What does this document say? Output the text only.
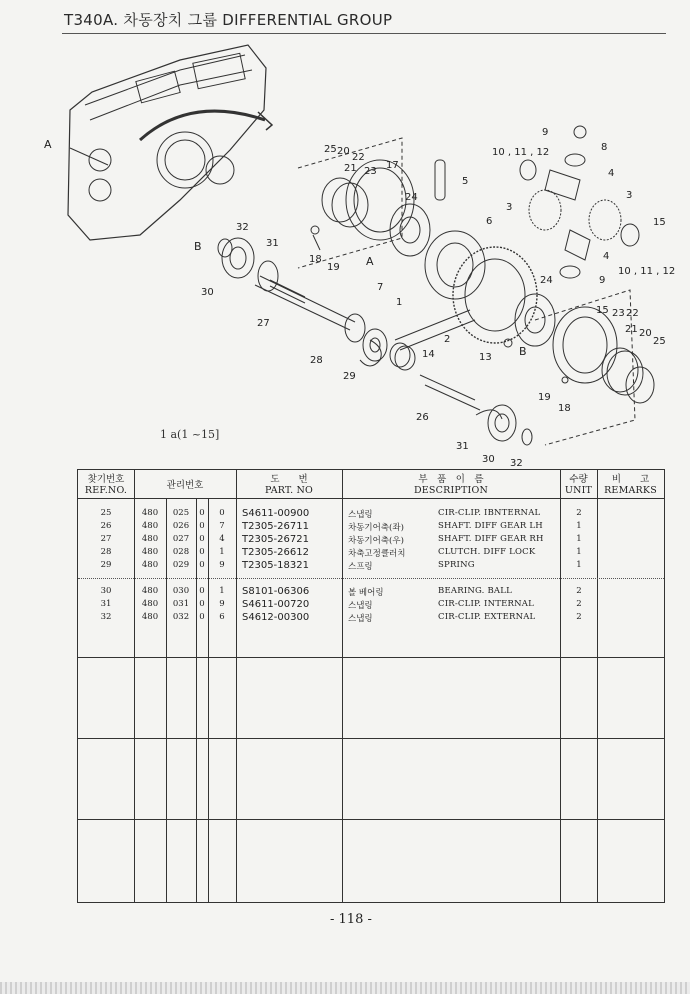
T340A. 차동장치 그룹 DIFFERENTIAL GROUP
1
2
3
3
4
4
5
6
7
8
9
9
10 , 11 , 12
10 , 11 , 12
13
14
15
15
17
18
18
19
19
20
20
21
21
22
22
23
23
24
24
25
25
26
27
28
29
30
30
31
31
32
32
A
A
B
B
1 a(1 ~15]
찾기번호
REF.NO.	관리번호
도　　번
PART. NO
부　품　이　름
DESCRIPTION
수량
UNIT
비　　고
REMARKS
25	480	025	0	0	S4611-00900	스냅링	CIR-CLIP. IBNTERNAL	2
26	480	026	0	7	T2305-26711	차동기어축(좌)	SHAFT. DIFF GEAR LH	1
27	480	027	0	4	T2305-26721	차동기어축(우)	SHAFT. DIFF GEAR RH	1
28	480	028	0	1	T2305-26612	차축고정클러치	CLUTCH. DIFF LOCK	1
29	480	029	0	9	T2305-18321	스프링	SPRING	1
30	480	030	0	1	S8101-06306	볼 베어링	BEARING. BALL	2
31	480	031	0	9	S4611-00720	스냅링	CIR-CLIP. INTERNAL	2
32	480	032	0	6	S4612-00300	스냅링	CIR-CLIP. EXTERNAL	2
- 118 -
